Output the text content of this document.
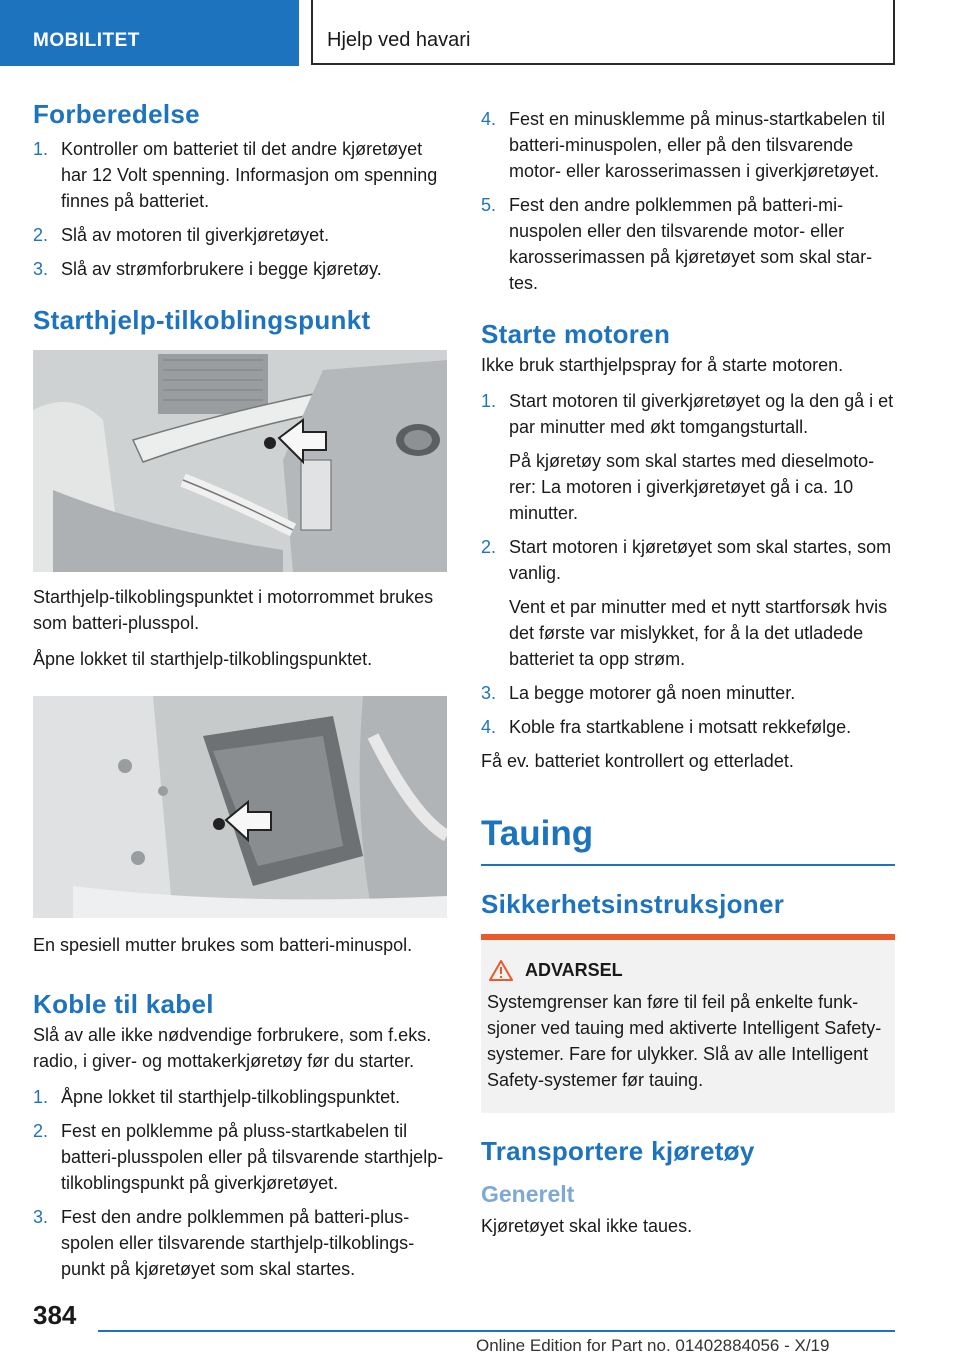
MOBILITET	Hjelp ved havari
Forberedelse
1. Kontroller om batteriet til det andre kjøretøyet har 12 Volt spenning. Informasjon om spenning finnes på batteriet.
2. Slå av motoren til giverkjøretøyet.
3. Slå av strømforbrukere i begge kjøretøy.
Starthjelp-tilkoblingspunkt

Starthjelp-tilkoblingspunktet i motorrommet brukes som batteri-plusspol.

Åpne lokket til starthjelp-tilkoblingspunktet.

En spesiell mutter brukes som batteri-minuspol.

Koble til kabel

Slå av alle ikke nødvendige forbrukere, som f.eks. radio, i giver- og mottakerkjøretøy før du starter.

1. Åpne lokket til starthjelp-tilkoblingspunktet.
2. Fest en polklemme på pluss-startkabelen til batteri-plusspolen eller på tilsvarende starthjelp-tilkoblingspunkt på giverkjøretøyet.
3. Fest den andre polklemmen på batteri-plusspolen eller tilsvarende starthjelp-tilkoblingspunkt på kjøretøyet som skal startes.
4. Fest en minusklemme på minus-startkabelen til batteri-minuspolen, eller på den tilsvarende motor- eller karosserimassen i giverkjøretøyet.
5. Fest den andre polklemmen på batteri-minuspolen eller den tilsvarende motor- eller karosserimassen på kjøretøyet som skal startes.
Starte motoren

Ikke bruk starthjelpspray for å starte motoren.

1. Start motoren til giverkjøretøyet og la den gå i et par minutter med økt tomgangsturtall.

På kjøretøy som skal startes med dieselmotorer: La motoren i giverkjøretøyet gå i ca. 10 minutter.

2. Start motoren i kjøretøyet som skal startes, som vanlig.

Vent et par minutter med et nytt startforsøk hvis det første var mislykket, for å la det utladede batteriet ta opp strøm.

3. La begge motorer gå noen minutter.
4. Koble fra startkablene i motsatt rekkefølge.

Få ev. batteriet kontrollert og etterladet.

Tauing
Sikkerhetsinstruksjoner
ADVARSEL

Systemgrenser kan føre til feil på enkelte funksjoner ved tauing med aktiverte Intelligent Safety-systemer. Fare for ulykker. Slå av alle Intelligent Safety-systemer før tauing.

Transportere kjøretøy
Generelt

Kjøretøyet skal ikke taues.

384
Online Edition for Part no. 01402884056 - X/19
